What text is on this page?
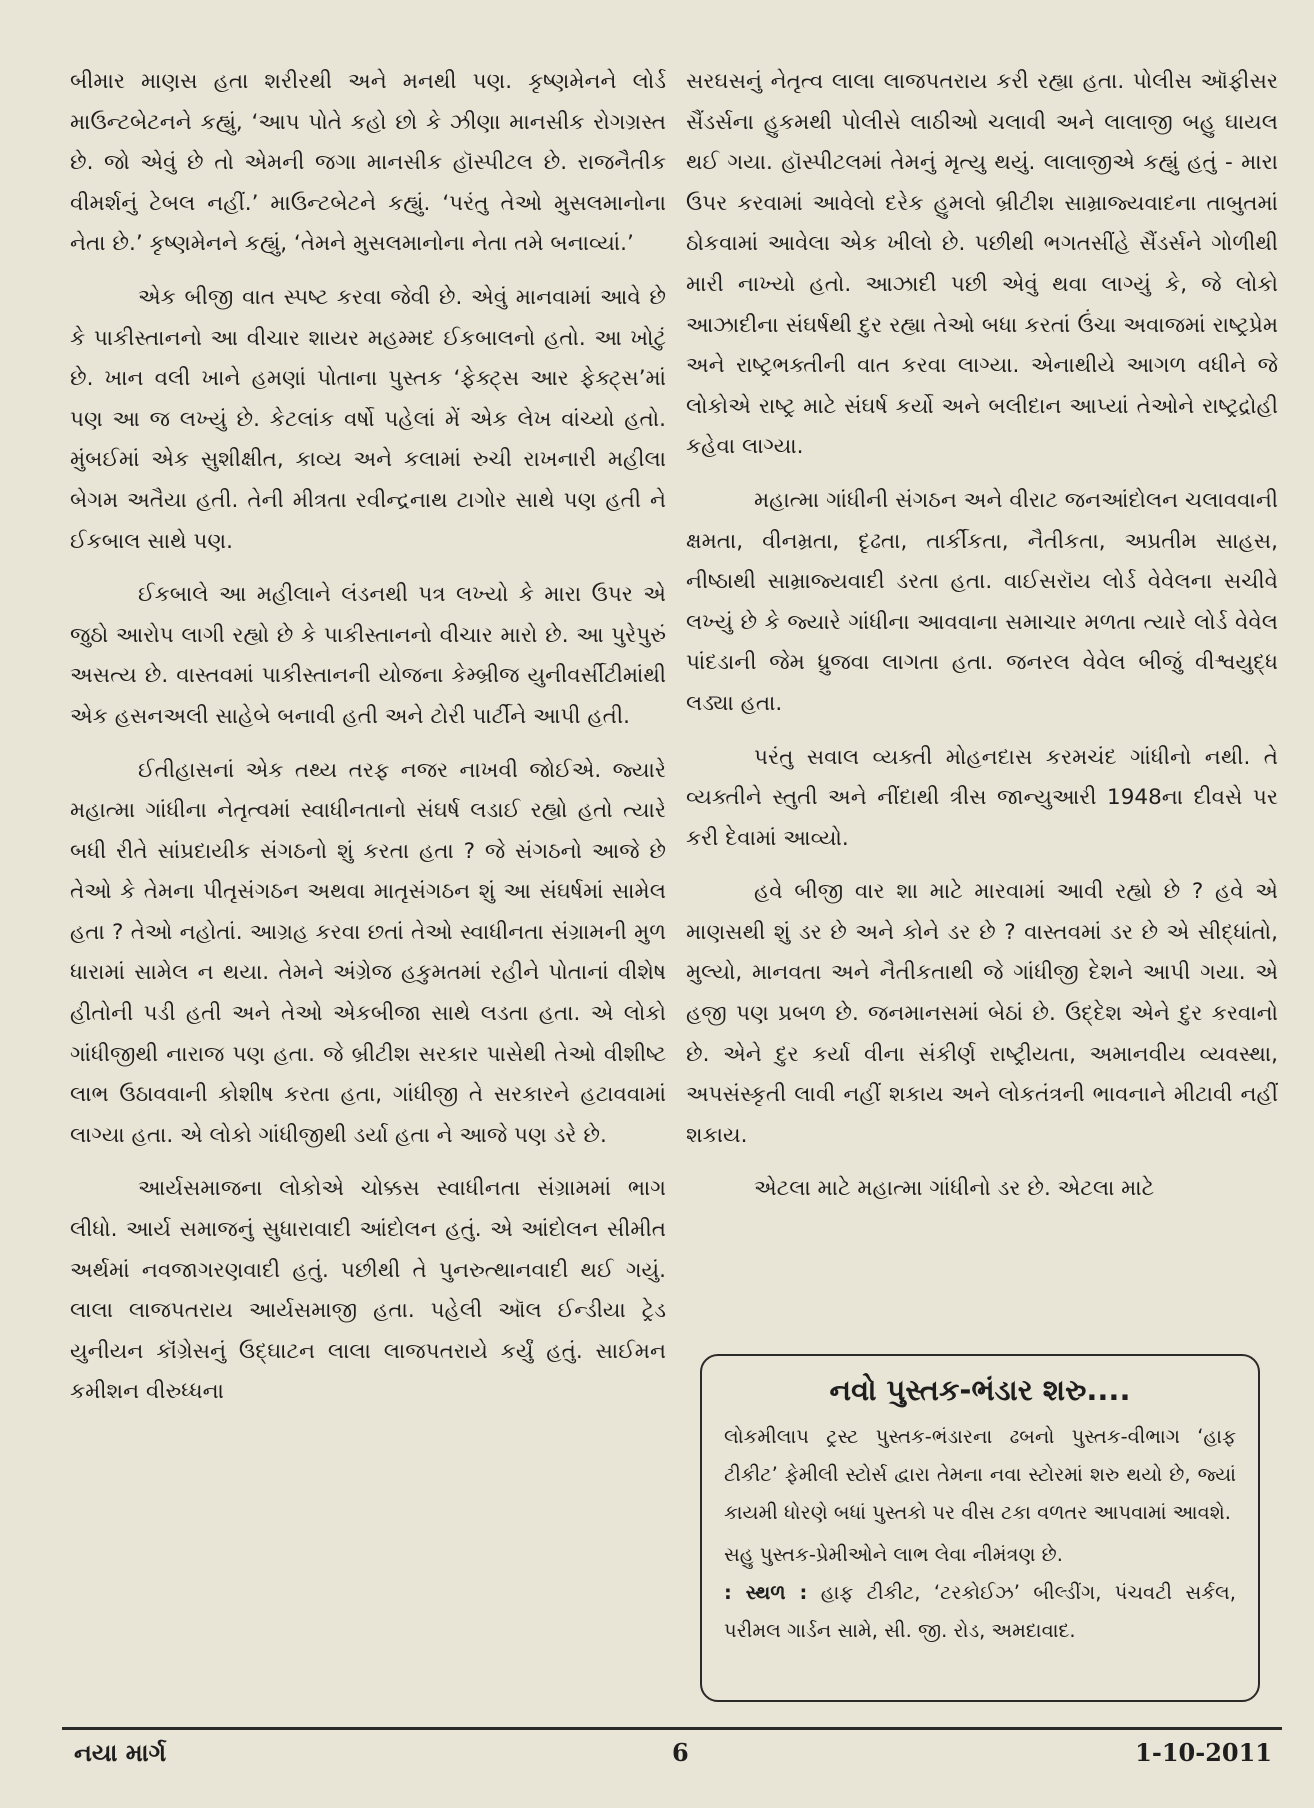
બીમાર માણસ હતા શરીરથી અને મનથી પણ. કૃષ્ણમેનને લોર્ડ માઉન્ટબેટનને કહ્યું, ‘આપ પોતે કહો છો કે ઝીણા માનસીક રોગગ્રસ્ત છે. જો એવું છે તો એમની જગા માનસીક હૉસ્પીટલ છે. રાજનૈતીક વીમર્શનું ટેબલ નહીં.’ માઉન્ટબેટને કહ્યું. ‘પરંતુ તેઓ મુસલમાનોના નેતા છે.’ કૃષ્ણમેનને કહ્યું, ‘તેમને મુસલમાનોના નેતા તમે બનાવ્યાં.’

એક બીજી વાત સ્પષ્ટ કરવા જેવી છે. એવું માનવામાં આવે છે કે પાકીસ્તાનનો આ વીચાર શાયર મહમ્મદ ઈકબાલનો હતો. આ ખોટું છે. ખાન વલી ખાને હમણાં પોતાના પુસ્તક ‘ફેક્ટ્સ આર ફેક્ટ્સ’માં પણ આ જ લખ્યું છે. કેટલાંક વર્ષો પહેલાં મેં એક લેખ વાંચ્યો હતો. મુંબઈમાં એક સુશીક્ષીત, કાવ્ય અને કલામાં રુચી રાખનારી મહીલા બેગમ અતૈયા હતી. તેની મીત્રતા રવીન્દ્રનાથ ટાગોર સાથે પણ હતી ને ઈકબાલ સાથે પણ.

ઈકબાલે આ મહીલાને લંડનથી પત્ર લખ્યો કે મારા ઉપર એ જુઠો આરોપ લાગી રહ્યો છે કે પાકીસ્તાનનો વીચાર મારો છે. આ પુરેપુરું અસત્ય છે. વાસ્તવમાં પાકીસ્તાનની યોજના કેમ્બ્રીજ યુનીવર્સીટીમાંથી એક હસનઅલી સાહેબે બનાવી હતી અને ટોરી પાર્ટીને આપી હતી.

ઈતીહાસનાં એક તથ્ય તરફ નજર નાખવી જોઈએ. જ્યારે મહાત્મા ગાંધીના નેતૃત્વમાં સ્વાધીનતાનો સંઘર્ષ લડાઈ રહ્યો હતો ત્યારે બધી રીતે સાંપ્રદાયીક સંગઠનો શું કરતા હતા ? જે સંગઠનો આજે છે તેઓ કે તેમના પીતૃસંગઠન અથવા માતૃસંગઠન શું આ સંઘર્ષમાં સામેલ હતા ? તેઓ નહોતાં. આગ્રહ કરવા છતાં તેઓ સ્વાધીનતા સંગ્રામની મુળ ધારામાં સામેલ ન થયા. તેમને અંગ્રેજ હકુમતમાં રહીને પોતાનાં વીશેષ હીતોની પડી હતી અને તેઓ એકબીજા સાથે લડતા હતા. એ લોકો ગાંધીજીથી નારાજ પણ હતા. જે બ્રીટીશ સરકાર પાસેથી તેઓ વીશીષ્ટ લાભ ઉઠાવવાની કોશીષ કરતા હતા, ગાંધીજી તે સરકારને હટાવવામાં લાગ્યા હતા. એ લોકો ગાંધીજીથી ડર્યા હતા ને આજે પણ ડરે છે.

આર્યસમાજના લોકોએ ચોક્કસ સ્વાધીનતા સંગ્રામમાં ભાગ લીધો. આર્ય સમાજનું સુધારાવાદી આંદોલન હતું. એ આંદોલન સીમીત અર્થમાં નવજાગરણવાદી હતું. પછીથી તે પુનરુત્થાનવાદી થઈ ગયું. લાલા લાજપતરાય આર્યસમાજી હતા. પહેલી ઑલ ઈન્ડીયા ટ્રેડ યુનીયન કૉંગ્રેસનું ઉદ્ઘાટન લાલા લાજપતરાયે કર્યું હતું. સાઈમન કમીશન વીરુધ્ધના

સરઘસનું નેતૃત્વ લાલા લાજપતરાય કરી રહ્યા હતા. પોલીસ ઑફીસર સૈંડર્સના હુકમથી પોલીસે લાઠીઓ ચલાવી અને લાલાજી બહુ ઘાયલ થઈ ગયા. હૉસ્પીટલમાં તેમનું મૃત્યુ થયું. લાલાજીએ કહ્યું હતું - મારા ઉપર કરવામાં આવેલો દરેક હુમલો બ્રીટીશ સામ્રાજ્યવાદના તાબુતમાં ઠોકવામાં આવેલા એક ખીલો છે. પછીથી ભગતસીંહે સૈંડર્સને ગોળીથી મારી નાખ્યો હતો. આઝાદી પછી એવું થવા લાગ્યું કે, જે લોકો આઝાદીના સંઘર્ષથી દુર રહ્યા તેઓ બધા કરતાં ઉંચા અવાજમાં રાષ્ટ્રપ્રેમ અને રાષ્ટ્રભક્તીની વાત કરવા લાગ્યા. એનાથીયે આગળ વધીને જે લોકોએ રાષ્ટ્ર માટે સંઘર્ષ કર્યો અને બલીદાન આપ્યાં તેઓને રાષ્ટ્રદ્રોહી કહેવા લાગ્યા.

મહાત્મા ગાંધીની સંગઠન અને વીરાટ જનઆંદોલન ચલાવવાની ક્ષમતા, વીનમ્રતા, દૃઢતા, તાર્કીકતા, નૈતીકતા, અપ્રતીમ સાહસ, નીષ્ઠાથી સામ્રાજ્યવાદી ડરતા હતા. વાઈસરૉય લોર્ડ વેવેલના સચીવે લખ્યું છે કે જ્યારે ગાંધીના આવવાના સમાચાર મળતા ત્યારે લોર્ડ વેવેલ પાંદડાની જેમ ધ્રુજવા લાગતા હતા. જનરલ વેવેલ બીજું વીશ્વયુદ્ધ લડ્યા હતા.

પરંતુ સવાલ વ્યક્તી મોહનદાસ કરમચંદ ગાંધીનો નથી. તે વ્યક્તીને સ્તુતી અને નીંદાથી ત્રીસ જાન્યુઆરી 1948ના દીવસે પર કરી દેવામાં આવ્યો.

હવે બીજી વાર શા માટે મારવામાં આવી રહ્યો છે ? હવે એ માણસથી શું ડર છે અને કોને ડર છે ? વાસ્તવમાં ડર છે એ સીદ્ધાંતો, મુલ્યો, માનવતા અને નૈતીકતાથી જે ગાંધીજી દેશને આપી ગયા. એ હજી પણ પ્રબળ છે. જનમાનસમાં બેઠાં છે. ઉદ્દેશ એને દુર કરવાનો છે. એને દુર કર્યા વીના સંકીર્ણ રાષ્ટ્રીયતા, અમાનવીય વ્યવસ્થા, અપસંસ્કૃતી લાવી નહીં શકાય અને લોકતંત્રની ભાવનાને મીટાવી નહીં શકાય.

એટલા માટે મહાત્મા ગાંધીનો ડર છે. એટલા માટે

નવો પુસ્તક-ભંડાર શરુ....

લોકમીલાપ ટ્રસ્ટ પુસ્તક-ભંડારના ઢબનો પુસ્તક-વીભાગ ‘હાફ ટીકીટ’ ફેમીલી સ્ટોર્સ દ્વારા તેમના નવા સ્ટોરમાં શરુ થયો છે, જ્યાં કાયમી ધોરણે બધાં પુસ્તકો પર વીસ ટકા વળતર આપવામાં આવશે.

સહુ પુસ્તક-પ્રેમીઓને લાભ લેવા નીમંત્રણ છે.

: સ્થળ : હાફ ટીકીટ, ‘ટરકોઈઝ’ બીલ્ડીંગ, પંચવટી સર્કલ, પરીમલ ગાર્ડન સામે, સી. જી. રોડ, અમદાવાદ.

નયા માર્ગ	6	1-10-2011
